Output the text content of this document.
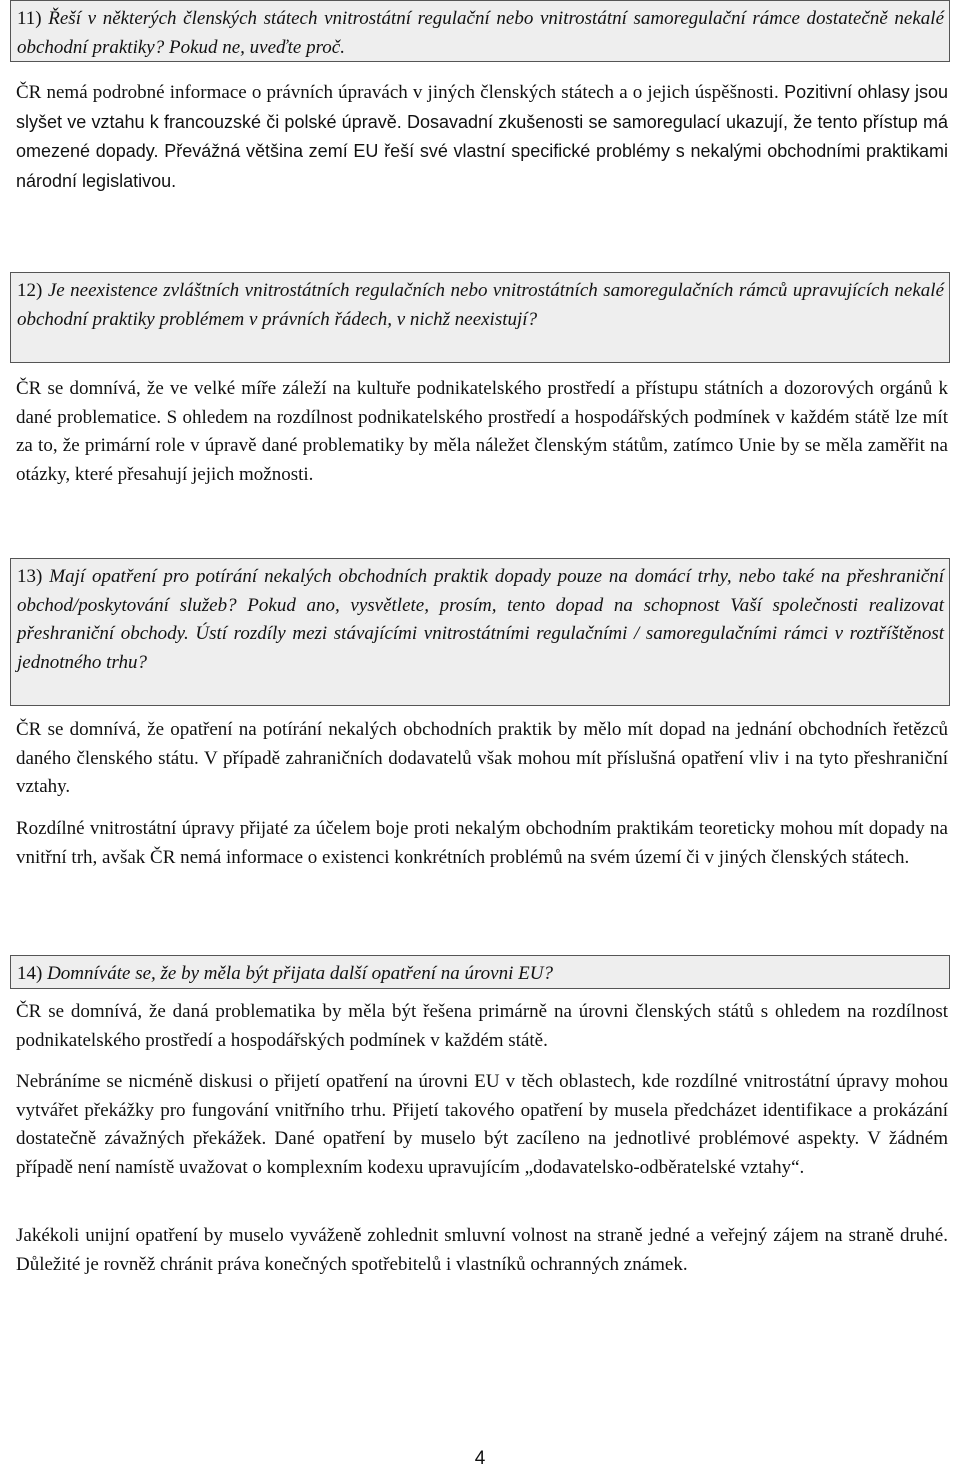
11) Řeší v některých členských státech vnitrostátní regulační nebo vnitrostátní samoregulační rámce dostatečně nekalé obchodní praktiky? Pokud ne, uveďte proč.

ČR nemá podrobné informace o právních úpravách v jiných členských státech a o jejich úspěšnosti. Pozitivní ohlasy jsou slyšet ve vztahu k francouzské či polské úpravě. Dosavadní zkušenosti se samoregulací ukazují, že tento přístup má omezené dopady. Převážná většina zemí EU řeší své vlastní specifické problémy s nekalými obchodními praktikami národní legislativou.

12) Je neexistence zvláštních vnitrostátních regulačních nebo vnitrostátních samoregulačních rámců upravujících nekalé obchodní praktiky problémem v právních řádech, v nichž neexistují?

ČR se domnívá, že ve velké míře záleží na kultuře podnikatelského prostředí a přístupu státních a dozorových orgánů k dané problematice. S ohledem na rozdílnost podnikatelského prostředí a hospodářských podmínek v každém státě lze mít za to, že primární role v úpravě dané problematiky by měla náležet členským státům, zatímco Unie by se měla zaměřit na otázky, které přesahují jejich možnosti.

13) Mají opatření pro potírání nekalých obchodních praktik dopady pouze na domácí trhy, nebo také na přeshraniční obchod/poskytování služeb? Pokud ano, vysvětlete, prosím, tento dopad na schopnost Vaší společnosti realizovat přeshraniční obchody. Ústí rozdíly mezi stávajícími vnitrostátními regulačními / samoregulačními rámci v roztříštěnost jednotného trhu?

ČR se domnívá, že opatření na potírání nekalých obchodních praktik by mělo mít dopad na jednání obchodních řetězců daného členského státu. V případě zahraničních dodavatelů však mohou mít příslušná opatření vliv i na tyto přeshraniční vztahy.

Rozdílné vnitrostátní úpravy přijaté za účelem boje proti nekalým obchodním praktikám teoreticky mohou mít dopady na vnitřní trh, avšak ČR nemá informace o existenci konkrétních problémů na svém území či v jiných členských státech.

14) Domníváte se, že by měla být přijata další opatření na úrovni EU?

ČR se domnívá, že daná problematika by měla být řešena primárně na úrovni členských států s ohledem na rozdílnost podnikatelského prostředí a hospodářských podmínek v každém státě.

Nebráníme se nicméně diskusi o přijetí opatření na úrovni EU v těch oblastech, kde rozdílné vnitrostátní úpravy mohou vytvářet překážky pro fungování vnitřního trhu. Přijetí takového opatření by musela předcházet identifikace a prokázání dostatečně závažných překážek. Dané opatření by muselo být zacíleno na jednotlivé problémové aspekty. V žádném případě není namístě uvažovat o komplexním kodexu upravujícím „dodavatelsko-odběratelské vztahy“.

Jakékoli unijní opatření by muselo vyváženě zohlednit smluvní volnost na straně jedné a veřejný zájem na straně druhé. Důležité je rovněž chránit práva konečných spotřebitelů i vlastníků ochranných známek.

4
